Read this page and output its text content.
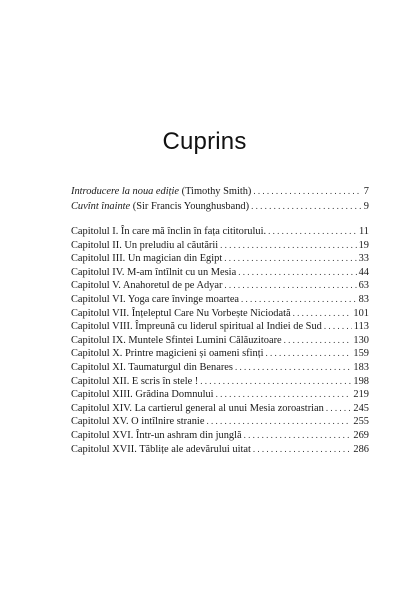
Cuprins
Introducere la noua ediție (Timothy Smith) . . .	7
Cuvînt înainte (Sir Francis Younghusband) . . .	9
Capitolul I. În care mă înclin în fața cititorului. . . .	11
Capitolul II. Un preludiu al căutării . . .	19
Capitolul III. Un magician din Egipt . . .	33
Capitolul IV. M-am întîlnit cu un Mesia . . .	44
Capitolul V. Anahoretul de pe Adyar . . .	63
Capitolul VI. Yoga care învinge moartea . . .	83
Capitolul VII. Înțeleptul Care Nu Vorbește Niciodată . . .	101
Capitolul VIII. Împreună cu liderul spiritual al Indiei de Sud . . .	113
Capitolul IX. Muntele Sfintei Lumini Călăuzitoare . . .	130
Capitolul X. Printre magicieni și oameni sfinți . . .	159
Capitolul XI. Taumaturgul din Benares . . .	183
Capitolul XII. E scris în stele ! . . .	198
Capitolul XIII. Grădina Domnului . . .	219
Capitolul XIV. La cartierul general al unui Mesia zoroastrian . . .	245
Capitolul XV. O intîlnire stranie . . .	255
Capitolul XVI. Într-un ashram din junglă . . .	269
Capitolul XVII. Tăblițe ale adevărului uitat . . .	286
